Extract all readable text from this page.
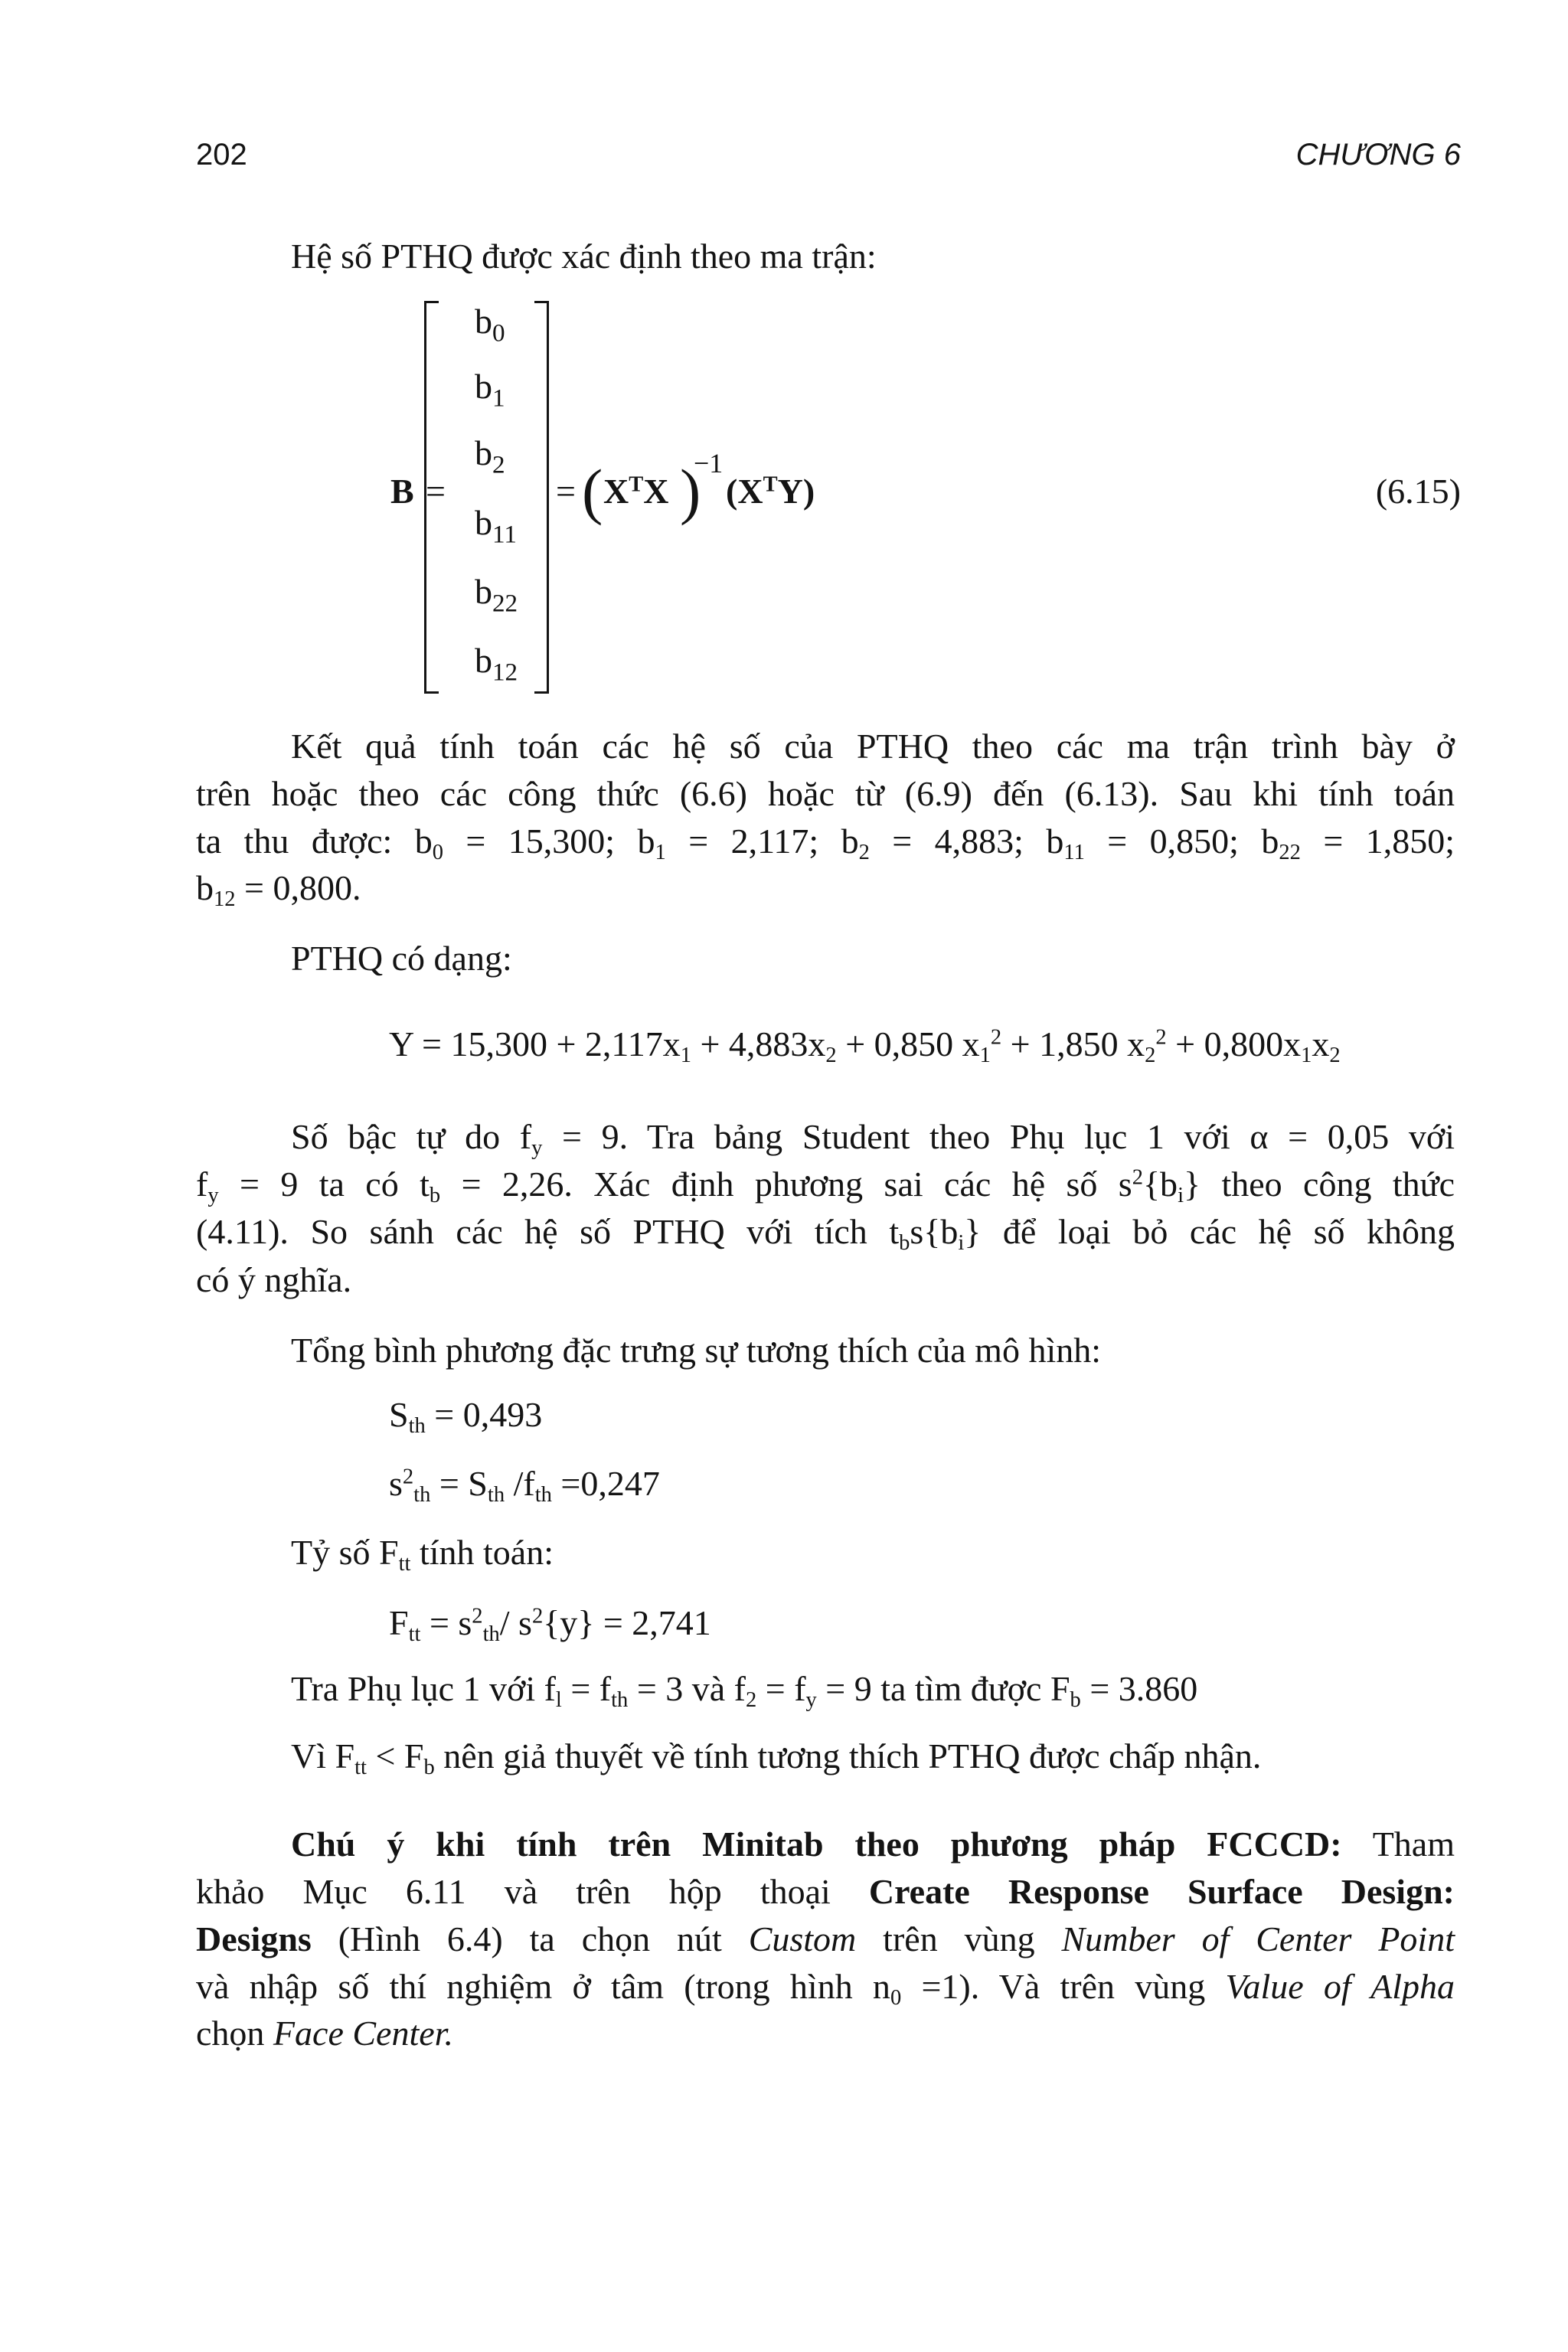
202	CHƯƠNG 6
Hệ số PTHQ được xác định theo ma trận:
B =
$b_0$
$b_1$
$b_2$
$b_{11}$
$b_{22}$
$b_{12}$
= ( $X^TX$ )
−1
$(X^TY)$	(6.15)
Kết quả tính toán các hệ số của PTHQ theo các ma trận trình bày ở
trên hoặc theo các công thức (6.6) hoặc từ (6.9) đến (6.13). Sau khi tính toán
ta thu được: $b_0 = 15,300$; $b_1 = 2,117$; $b_2 = 4,883$; $b_{11} = 0,850$; $b_{22} = 1,850$;
$b_{12} = 0,800$.
PTHQ có dạng:
$Y = 15,300 + 2,117x_1 + 4,883x_2 + 0,850$ $x_1^2 + 1,850$ $x_2^2 + 0,800x_1x_2$
Số bậc tự do $f_y = 9$. Tra bảng Student theo Phụ lục 1 với α = 0,05 với
$f_y = 9$ ta có $t_b = 2,26$. Xác định phương sai các hệ số $s^2\{b_i\}$ theo công thức
(4.11). So sánh các hệ số PTHQ với tích $t_bs\{b_i\}$ để loại bỏ các hệ số không
có ý nghĩa.
Tổng bình phương đặc trưng sự tương thích của mô hình:
$S_{th} = 0,493$
$s^2_{th} = S_{th}$ $/f_{th} =0,247$
Tỷ số $F_{tt}$ tính toán:
$F_{tt} = s^2_{th}/$ $s^2\{y\} = 2,741$
Tra Phụ lục 1 với $f_l = f_{th} = 3$ và $f_2 = f_y = 9$ ta tìm được $F_b = 3.860$
Vì $F_{tt} < F_b$ nên giả thuyết về tính tương thích PTHQ được chấp nhận.
Chú ý khi tính trên Minitab theo phương pháp FCCCD: Tham
khảo Mục 6.11 và trên hộp thoại Create Response Surface Design:
Designs (Hình 6.4) ta chọn nút Custom trên vùng Number of Center Point
và nhập số thí nghiệm ở tâm (trong hình $n_0 =1$). Và trên vùng Value of Alpha
chọn Face Center.
